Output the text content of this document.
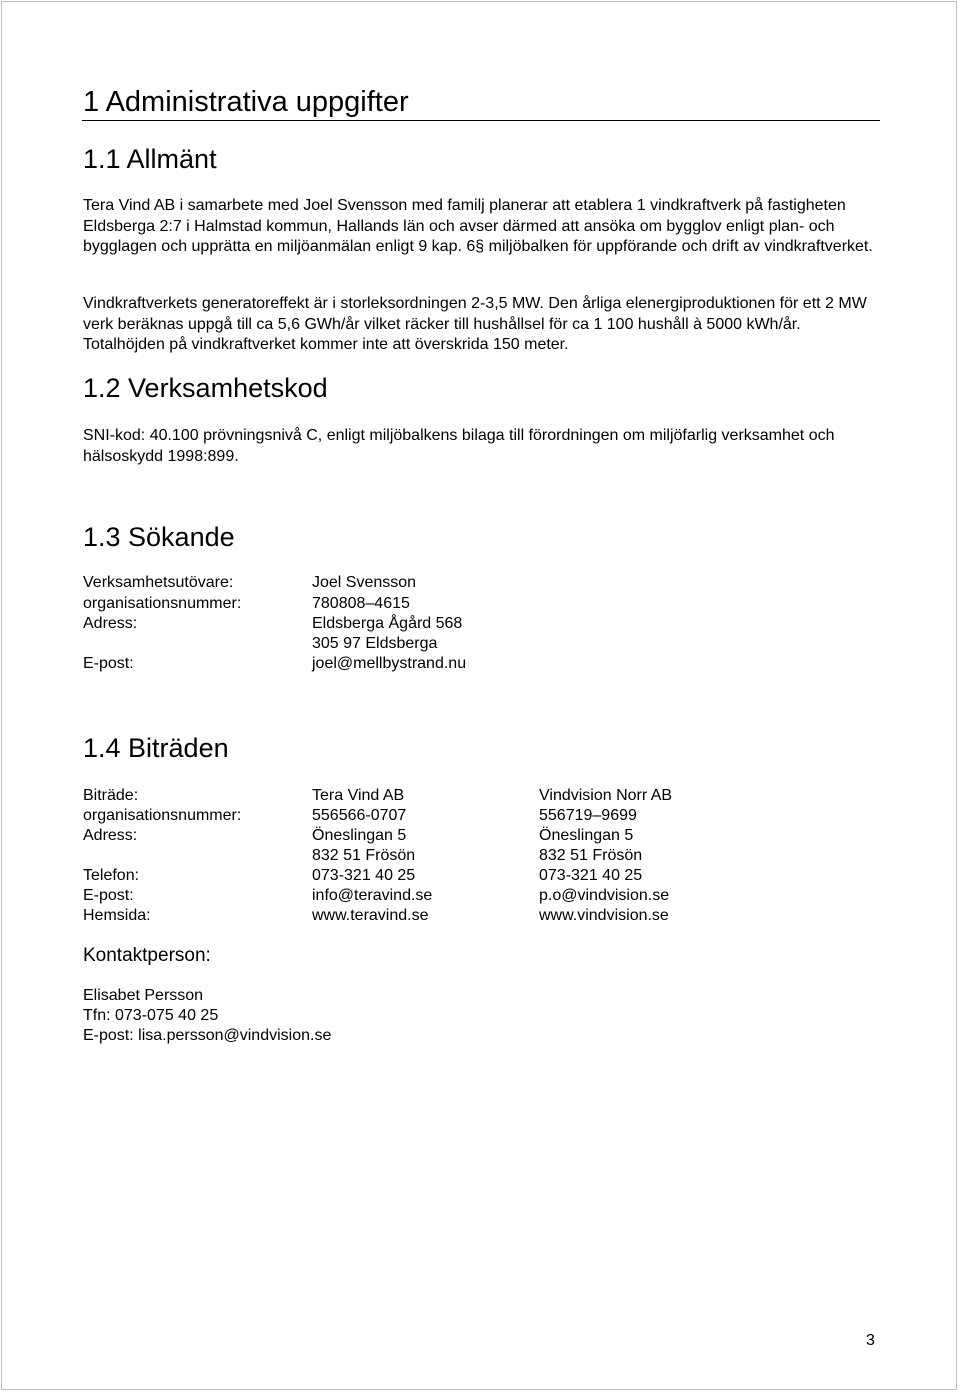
1 Administrativa uppgifter
1.1 Allmänt

Tera Vind AB i samarbete med Joel Svensson med familj planerar att etablera 1 vindkraftverk på fastigheten Eldsberga 2:7 i Halmstad kommun, Hallands län och avser därmed att ansöka om bygglov enligt plan- och bygglagen och upprätta en miljöanmälan enligt 9 kap. 6§ miljöbalken för uppförande och drift av vindkraftverket.

Vindkraftverkets generatoreffekt är i storleksordningen 2-3,5 MW. Den årliga elenergiproduktionen för ett 2 MW verk beräknas uppgå till ca 5,6 GWh/år vilket räcker till hushållsel för ca 1 100 hushåll à 5000 kWh/år. Totalhöjden på vindkraftverket kommer inte att överskrida 150 meter.

1.2 Verksamhetskod

SNI-kod: 40.100 prövningsnivå C, enligt miljöbalkens bilaga till förordningen om miljöfarlig verksamhet och hälsoskydd 1998:899.

1.3 Sökande
Verksamhetsutövare:	Joel Svensson
organisationsnummer:	780808–4615
Adress:	Eldsberga Ågård 568
305 97 Eldsberga
E-post:	joel@mellbystrand.nu
1.4 Biträden
Biträde:	Tera Vind AB	Vindvision Norr AB
organisationsnummer:	556566-0707	556719–9699
Adress:	Öneslingan 5	Öneslingan 5
832 51 Frösön	832 51 Frösön
Telefon:	073-321 40 25	073-321 40 25
E-post:	info@teravind.se	p.o@vindvision.se
Hemsida:	www.teravind.se	www.vindvision.se
Kontaktperson:
Elisabet Persson
Tfn: 073-075 40 25
E-post: lisa.persson@vindvision.se
3
